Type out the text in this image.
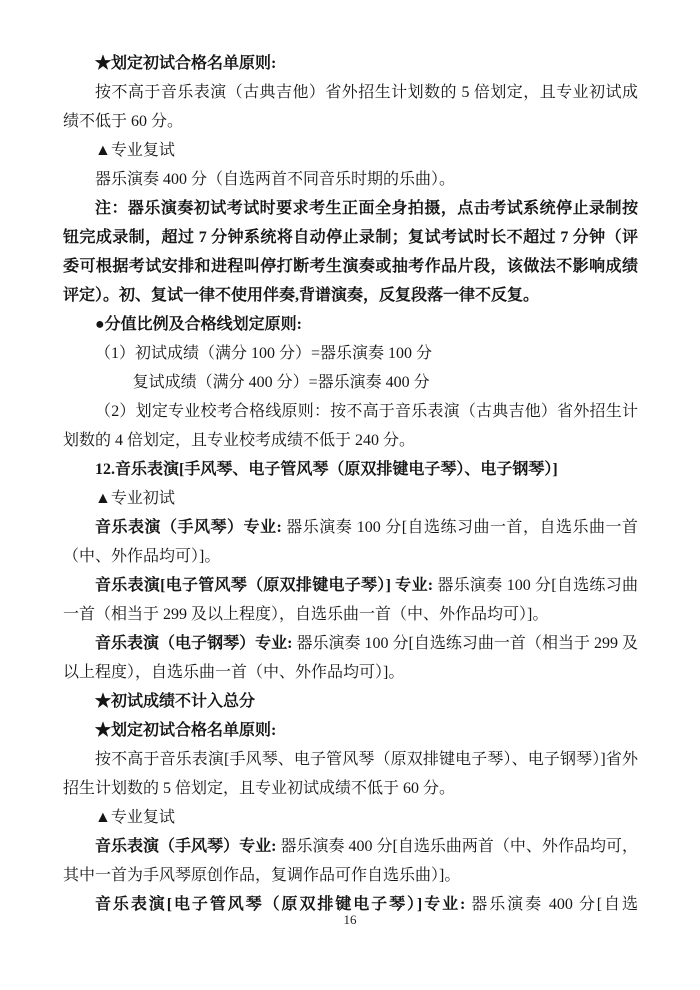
★划定初试合格名单原则:

按不高于音乐表演（古典吉他）省外招生计划数的 5 倍划定，且专业初试成绩不低于 60 分。

▲专业复试

器乐演奏 400 分（自选两首不同音乐时期的乐曲）。

注：器乐演奏初试考试时要求考生正面全身拍摄，点击考试系统停止录制按钮完成录制，超过 7 分钟系统将自动停止录制；复试考试时长不超过 7 分钟（评委可根据考试安排和进程叫停打断考生演奏或抽考作品片段，该做法不影响成绩评定）。初、复试一律不使用伴奏,背谱演奏，反复段落一律不反复。

●分值比例及合格线划定原则:

（1）初试成绩（满分 100 分）=器乐演奏 100 分

复试成绩（满分 400 分）=器乐演奏 400 分

（2）划定专业校考合格线原则：按不高于音乐表演（古典吉他）省外招生计划数的 4 倍划定，且专业校考成绩不低于 240 分。

12.音乐表演[手风琴、电子管风琴（原双排键电子琴）、电子钢琴）]

▲专业初试

音乐表演（手风琴）专业: 器乐演奏 100 分[自选练习曲一首，自选乐曲一首（中、外作品均可）]。

音乐表演[电子管风琴（原双排键电子琴）] 专业: 器乐演奏 100 分[自选练习曲一首（相当于 299 及以上程度），自选乐曲一首（中、外作品均可）]。

音乐表演（电子钢琴）专业: 器乐演奏 100 分[自选练习曲一首（相当于 299 及以上程度），自选乐曲一首（中、外作品均可）]。

★初试成绩不计入总分

★划定初试合格名单原则:

按不高于音乐表演[手风琴、电子管风琴（原双排键电子琴）、电子钢琴）]省外招生计划数的 5 倍划定，且专业初试成绩不低于 60 分。

▲专业复试

音乐表演（手风琴）专业: 器乐演奏 400 分[自选乐曲两首（中、外作品均可，其中一首为手风琴原创作品，复调作品可作自选乐曲）]。

音乐表演[电子管风琴（原双排键电子琴）]专业: 器乐演奏 400 分[自选

16
